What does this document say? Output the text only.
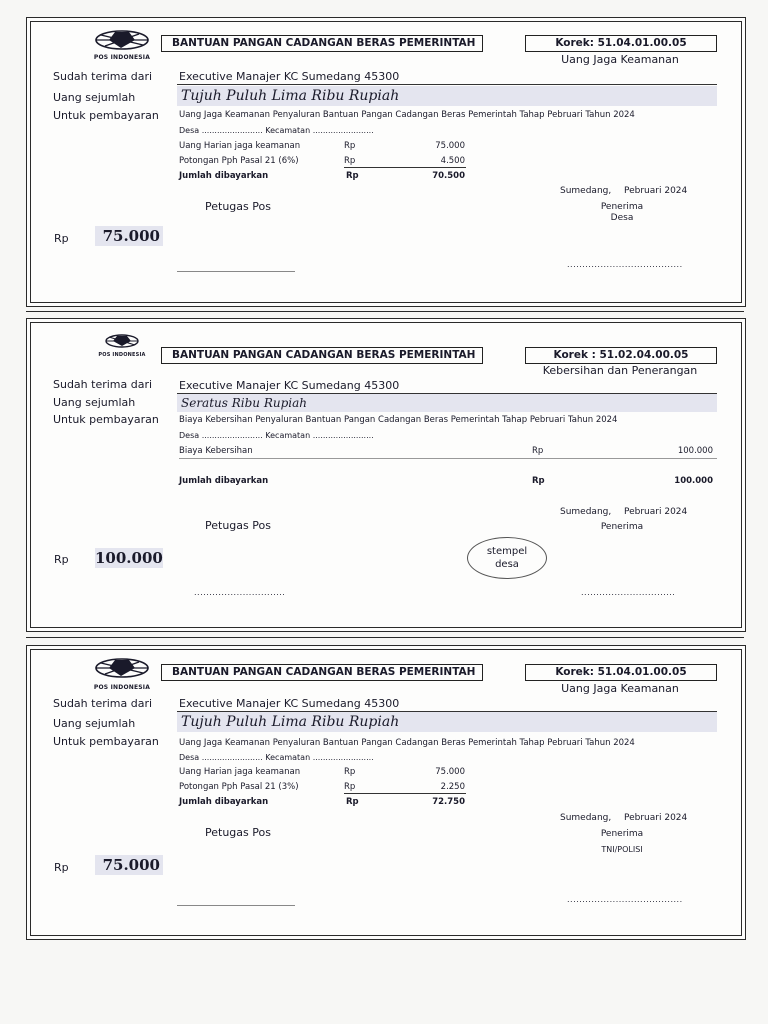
POS INDONESIA
BANTUAN PANGAN CADANGAN BERAS PEMERINTAH	Korek: 51.04.01.00.05
Uang Jaga Keamanan
Sudah terima dari
Uang sejumlah
Untuk pembayaran
Executive Manajer KC Sumedang 45300
Tujuh Puluh Lima Ribu Rupiah
Uang Jaga Keamanan Penyaluran Bantuan Pangan Cadangan Beras Pemerintah Tahap Pebruari Tahun 2024
Desa ........................ Kecamatan ........................
Uang Harian jaga keamanan	Rp	75.000
Potongan Pph Pasal 21 (6%)	Rp	4.500
Jumlah dibayarkan	Rp	70.500
Sumedang, Pebruari 2024
Penerima
Desa
Petugas Pos
Rp	75.000
......................................
POS INDONESIA	BANTUAN PANGAN CADANGAN BERAS PEMERINTAH	Korek : 51.02.04.00.05
Kebersihan dan Penerangan
Sudah terima dari
Uang sejumlah
Untuk pembayaran
Executive Manajer KC Sumedang 45300
Seratus Ribu Rupiah
Biaya Kebersihan Penyaluran Bantuan Pangan Cadangan Beras Pemerintah Tahap Pebruari Tahun 2024
Desa ........................ Kecamatan ........................
Biaya Kebersihan	Rp	100.000
Jumlah dibayarkan	Rp	100.000
Sumedang, Pebruari 2024
Penerima
stempel
desa
Petugas Pos
Rp 100.000
..............................	...............................
POS INDONESIA
BANTUAN PANGAN CADANGAN BERAS PEMERINTAH	Korek: 51.04.01.00.05
Uang Jaga Keamanan
Sudah terima dari
Uang sejumlah
Untuk pembayaran
Executive Manajer KC Sumedang 45300
Tujuh Puluh Lima Ribu Rupiah
Uang Jaga Keamanan Penyaluran Bantuan Pangan Cadangan Beras Pemerintah Tahap Pebruari Tahun 2024
Desa ........................ Kecamatan ........................
Uang Harian jaga keamanan	Rp	75.000
Potongan Pph Pasal 21 (3%)	Rp	2.250
Jumlah dibayarkan	Rp	72.750
Sumedang, Pebruari 2024
Penerima
TNI/POLISI
Petugas Pos
Rp	75.000
......................................
